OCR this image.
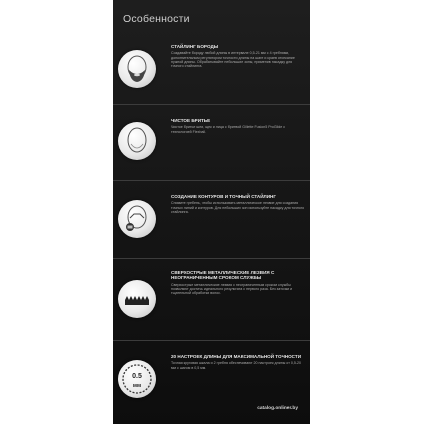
Особенности
СТАЙЛИНГ БОРОДЫ
Создавайте бороду любой длины в интервале 0,5-21 мм с 4 гребнями, дополнительным регулятором точности длины на шаге и краев отсекание нужной длины. Обрабатывайте небольшие зоны, применив насадку для точного стайлинга.
ЧИСТОЕ БРИТЬЕ
Чистое бритье шеи, щек и лица с бритвой Gillette Fusion5 ProGlide с технологией Flexball.
СОЗДАНИЕ КОНТУРОВ И ТОЧНЫЙ СТАЙЛИНГ
Снимите гребень, чтобы использовать металлическое лезвие для создания точных линий и контуров. Для небольших зон используйте насадку для точного стайлинга.
СВЕРХОСТРЫЕ МЕТАЛЛИЧЕСКИЕ ЛЕЗВИЯ С НЕОГРАНИЧЕННЫМ СРОКОМ СЛУЖБЫ
Сверхострые металлические лезвия с неограниченным сроком службы позволяют достичь идеального результата с первого раза. Без заточки и тщательной обработки волос.
0.5
мм
20 НАСТРОЕК ДЛИНЫ ДЛЯ МАКСИМАЛЬНОЙ ТОЧНОСТИ
Точная круговая шкала и 2 гребня обеспечивают 20 настроек длины от 0,5-20 мм с шагом в 0,5 мм.
catalog.onliner.by
